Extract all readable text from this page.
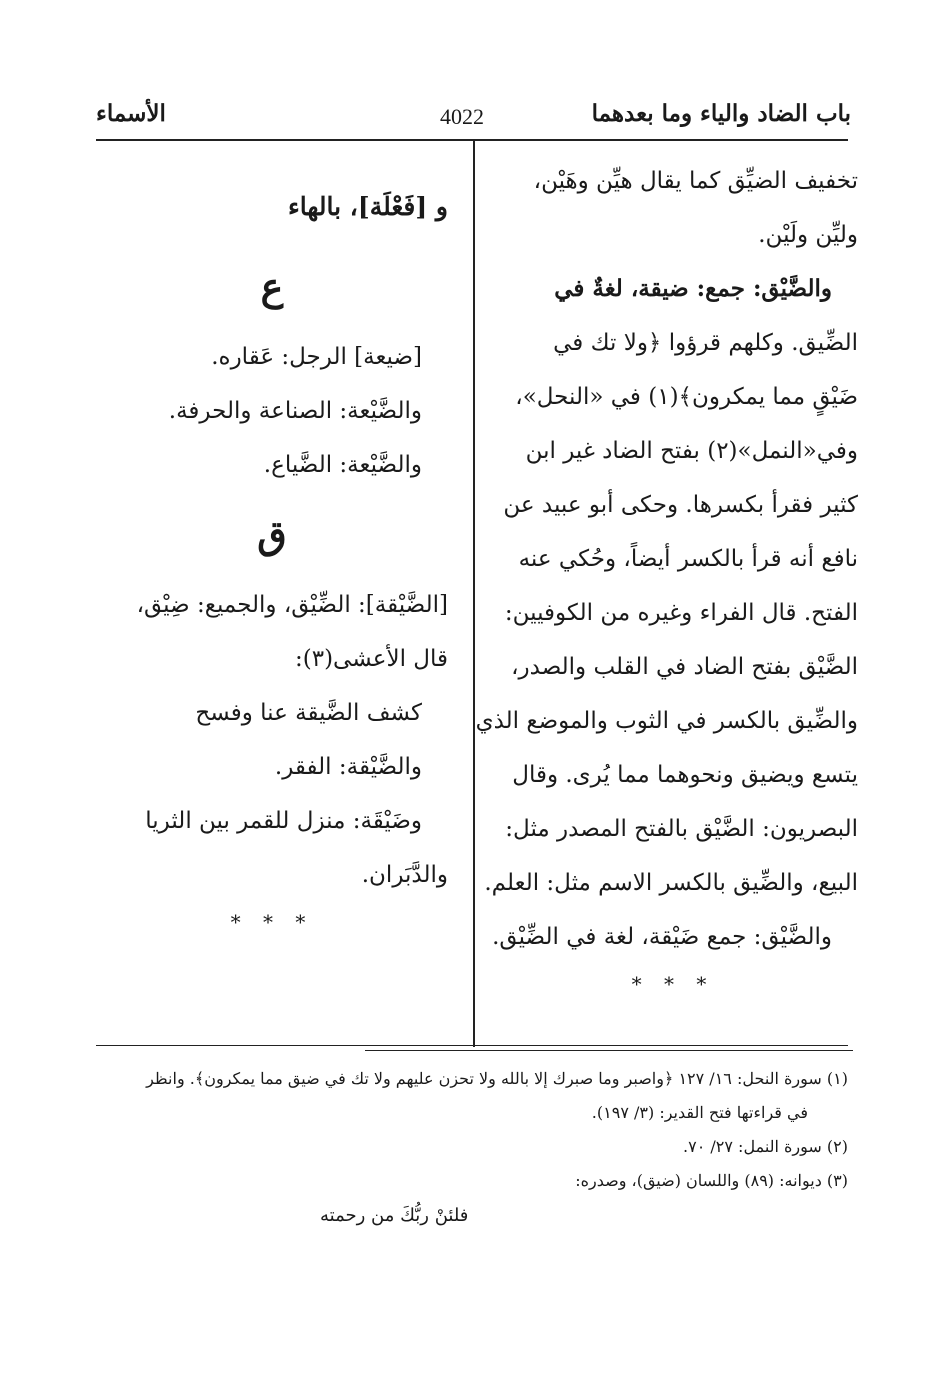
باب الضاد والياء وما بعدهما
4022
الأسماء
تخفيف الضيِّق كما يقال هيِّن وهَيْن،
وليِّن ولَيْن.
والضَّيْق: جمع: ضيقة، لغةٌ في
الضِّيق. وكلهم قرؤوا ﴿ولا تك في
ضَيْقٍ مما يمكرون﴾(١) في «النحل»،
وفي«النمل»(٢) بفتح الضاد غير ابن
كثير فقرأ بكسرها. وحكى أبو عبيد عن
نافع أنه قرأ بالكسر أيضاً، وحُكي عنه
الفتح. قال الفراء وغيره من الكوفيين:
الضَّيْق بفتح الضاد في القلب والصدر،
والضِّيق بالكسر في الثوب والموضع الذي
يتسع ويضيق ونحوهما مما يُرى. وقال
البصريون: الضَّيْق بالفتح المصدر مثل:
البيع، والضِّيق بالكسر الاسم مثل: العلم.
والضَّيْق: جمع ضَيْقة، لغة في الضِّيْق.
* * *
و [فَعْلَة]، بالهاء
ع
[ضيعة] الرجل: عَقاره.
والضَّيْعة: الصناعة والحرفة.
والضَّيْعة: الضَّياع.
ق
[الضَّيْقة]: الضِّيْق، والجميع: ضِيْق،
قال الأعشى(٣):
كشف الضَّيقة عنا وفسح
والضَّيْقة: الفقر.
وضَيْقَة: منزل للقمر بين الثريا
والدَّبَران.
* * *
(١) سورة النحل: ١٦/ ١٢٧ ﴿واصبر وما صبرك إلا بالله ولا تحزن عليهم ولا تك في ضيق مما يمكرون﴾. وانظر
في قراءتها فتح القدير: (٣/ ١٩٧).
(٢) سورة النمل: ٢٧/ ٧٠.
(٣) ديوانه: (٨٩) واللسان (ضيق)، وصدره:
فلئنْ ربُّكَ من رحمته
